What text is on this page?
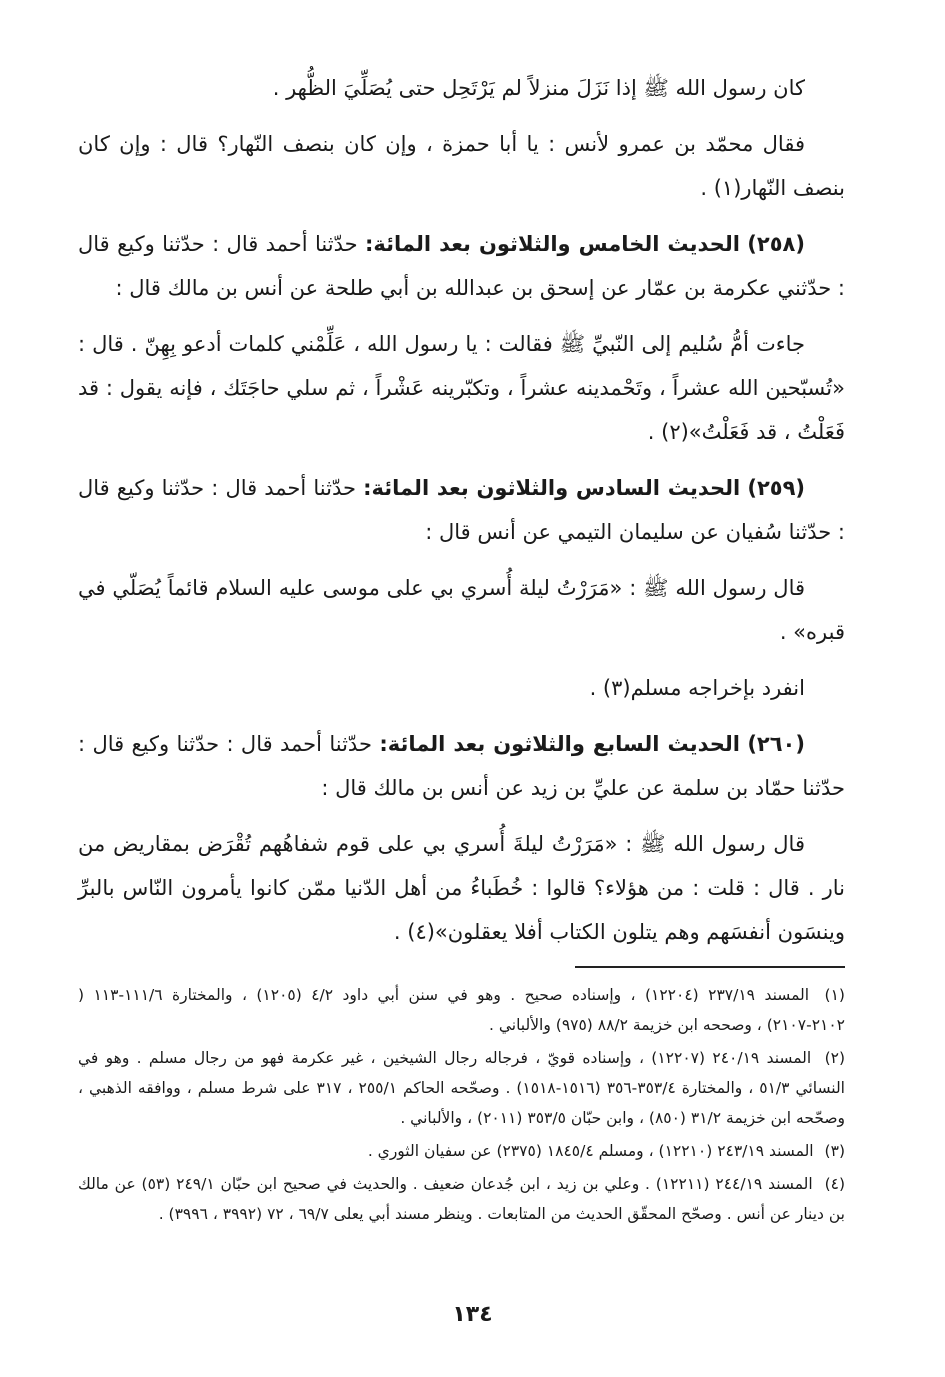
كان رسول الله ﷺ إذا نَزَلَ منزلاً لم يَرْتَحِل حتى يُصَلِّيَ الظُّهر .

فقال محمّد بن عمرو لأنس : يا أبا حمزة ، وإن كان بنصف النّهار؟ قال : وإن كان بنصف النّهار(١) .

(٢٥٨) الحديث الخامس والثلاثون بعد المائة: حدّثنا أحمد قال : حدّثنا وكيع قال : حدّثني عكرمة بن عمّار عن إسحق بن عبدالله بن أبي طلحة عن أنس بن مالك قال :

جاءت أمُّ سُليم إلى النّبيِّ ﷺ فقالت : يا رسول الله ، عَلِّمْني كلمات أدعو بِهِنّ . قال : «تُسبّحين الله عشراً ، وتَحْمدينه عشراً ، وتكبّرينه عَشْراً ، ثم سلي حاجَتَك ، فإنه يقول : قد فَعَلْتُ ، قد فَعَلْتُ»(٢) .

(٢٥٩) الحديث السادس والثلاثون بعد المائة: حدّثنا أحمد قال : حدّثنا وكيع قال : حدّثنا سُفيان عن سليمان التيمي عن أنس قال :

قال رسول الله ﷺ : «مَرَرْتُ ليلة أُسري بي على موسى عليه السلام قائماً يُصَلّي في قبره» .

انفرد بإخراجه مسلم(٣) .

(٢٦٠) الحديث السابع والثلاثون بعد المائة: حدّثنا أحمد قال : حدّثنا وكيع قال : حدّثنا حمّاد بن سلمة عن عليِّ بن زيد عن أنس بن مالك قال :

قال رسول الله ﷺ : «مَرَرْتُ ليلةَ أُسري بي على قوم شفاهُهم تُقْرَض بمقاريض من نار . قال : قلت : من هؤلاء؟ قالوا : خُطَباءُ من أهل الدّنيا ممّن كانوا يأمرون النّاس بالبرِّ وينسَون أنفسَهم وهم يتلون الكتاب أفلا يعقلون»(٤) .

(١) المسند ٢٣٧/١٩ (١٢٢٠٤) ، وإسناده صحيح . وهو في سنن أبي داود ٤/٢ (١٢٠٥) ، والمختارة ١١١/٦-١١٣ ( ٢١٠٢-٢١٠٧) ، وصححه ابن خزيمة ٨٨/٢ (٩٧٥) والألباني .

(٢) المسند ٢٤٠/١٩ (١٢٢٠٧) ، وإسناده قويّ ، فرجاله رجال الشيخين ، غير عكرمة فهو من رجال مسلم . وهو في النسائي ٥١/٣ ، والمختارة ٣٥٣/٤-٣٥٦ (١٥١٦-١٥١٨) . وصحّحه الحاكم ٢٥٥/١ ، ٣١٧ على شرط مسلم ، ووافقه الذهبي ، وصحّحه ابن خزيمة ٣١/٢ (٨٥٠) ، وابن حبّان ٣٥٣/٥ (٢٠١١) ، والألباني .

(٣) المسند ٢٤٣/١٩ (١٢٢١٠) ، ومسلم ١٨٤٥/٤ (٢٣٧٥) عن سفيان الثوري .

(٤) المسند ٢٤٤/١٩ (١٢٢١١) . وعلي بن زيد ، ابن جُدعان ضعيف . والحديث في صحيح ابن حبّان ٢٤٩/١ (٥٣) عن مالك بن دينار عن أنس . وصحّح المحقّق الحديث من المتابعات . وينظر مسند أبي يعلى ٦٩/٧ ، ٧٢ (٣٩٩٢ ، ٣٩٩٦) .

١٣٤
